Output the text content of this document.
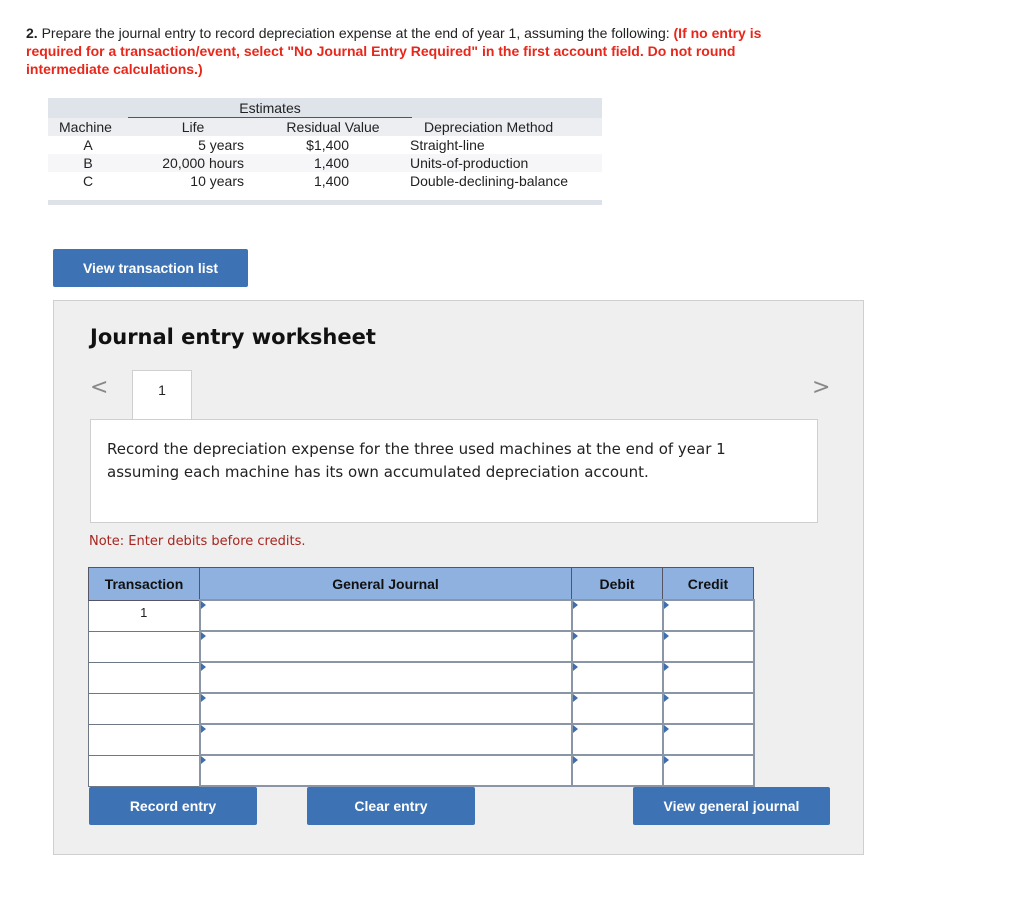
2. Prepare the journal entry to record depreciation expense at the end of year 1, assuming the following: (If no entry is required for a transaction/event, select "No Journal Entry Required" in the first account field. Do not round intermediate calculations.)
Estimates
Machine	Life	Residual Value	Depreciation Method
A	5 years	$1,400	Straight-line
B	20,000 hours	1,400	Units-of-production
C	10 years	1,400	Double-declining-balance
View transaction list
Journal entry worksheet
<	>
1
Record the depreciation expense for the three used machines at the end of year 1 assuming each machine has its own accumulated depreciation account.
Note: Enter debits before credits.
Transaction	General Journal	Debit	Credit
1			

Record entry	Clear entry	View general journal
